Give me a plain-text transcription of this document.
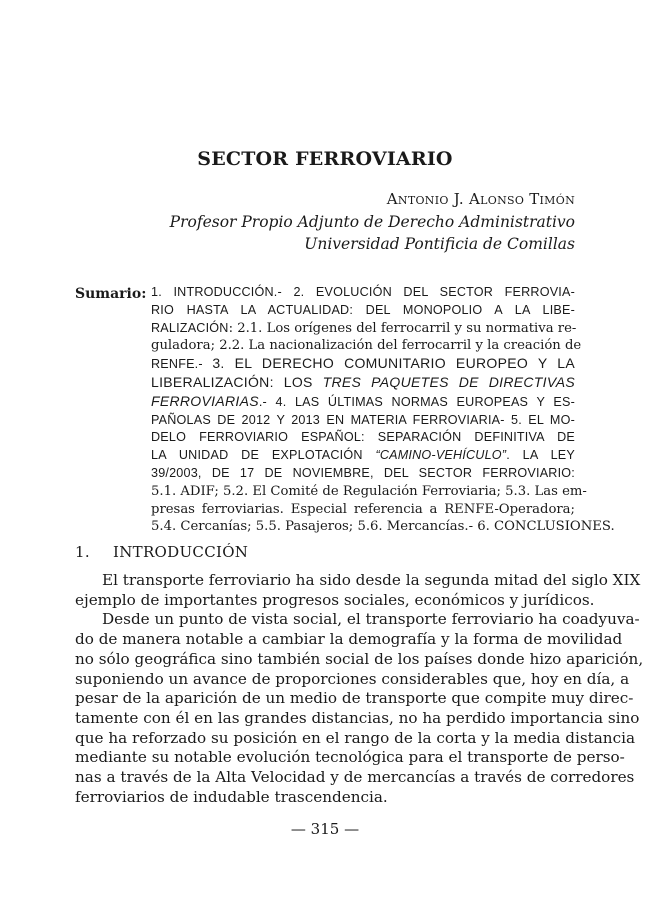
SECTOR FERROVIARIO
Antonio J. Alonso Timón
Profesor Propio Adjunto de Derecho Administrativo
Universidad Pontificia de Comillas
Sumario: 1. INTRODUCCIÓN.- 2. EVOLUCIÓN DEL SECTOR FERROVIA-
RIO HASTA LA ACTUALIDAD: DEL MONOPOLIO A LA LIBE-
RALIZACIÓN: 2.1. Los orígenes del ferrocarril y su normativa re-
guladora; 2.2. La nacionalización del ferrocarril y la creación de
RENFE.- 3. EL DERECHO COMUNITARIO EUROPEO Y LA
LIBERALIZACIÓN: LOS TRES PAQUETES DE DIRECTIVAS
FERROVIARIAS.- 4. LAS ÚLTIMAS NORMAS EUROPEAS Y ES-
PAÑOLAS DE 2012 Y 2013 EN MATERIA FERROVIARIA- 5. EL MO-
DELO FERROVIARIO ESPAÑOL: SEPARACIÓN DEFINITIVA DE
LA UNIDAD DE EXPLOTACIÓN “CAMINO-VEHÍCULO”. LA LEY
39/2003, DE 17 DE NOVIEMBRE, DEL SECTOR FERROVIARIO:
5.1. ADIF; 5.2. El Comité de Regulación Ferroviaria; 5.3. Las em-
presas ferroviarias. Especial referencia a RENFE-Operadora;
5.4. Cercanías; 5.5. Pasajeros; 5.6. Mercancías.- 6. CONCLUSIONES.
1. INTRODUCCIÓN

El transporte ferroviario ha sido desde la segunda mitad del siglo XIX
ejemplo de importantes progresos sociales, económicos y jurídicos.

Desde un punto de vista social, el transporte ferroviario ha coadyuva-
do de manera notable a cambiar la demografía y la forma de movilidad
no sólo geográfica sino también social de los países donde hizo aparición,
suponiendo un avance de proporciones considerables que, hoy en día, a
pesar de la aparición de un medio de transporte que compite muy direc-
tamente con él en las grandes distancias, no ha perdido importancia sino
que ha reforzado su posición en el rango de la corta y la media distancia
mediante su notable evolución tecnológica para el transporte de perso-
nas a través de la Alta Velocidad y de mercancías a través de corredores
ferroviarios de indudable trascendencia.

— 315 —
